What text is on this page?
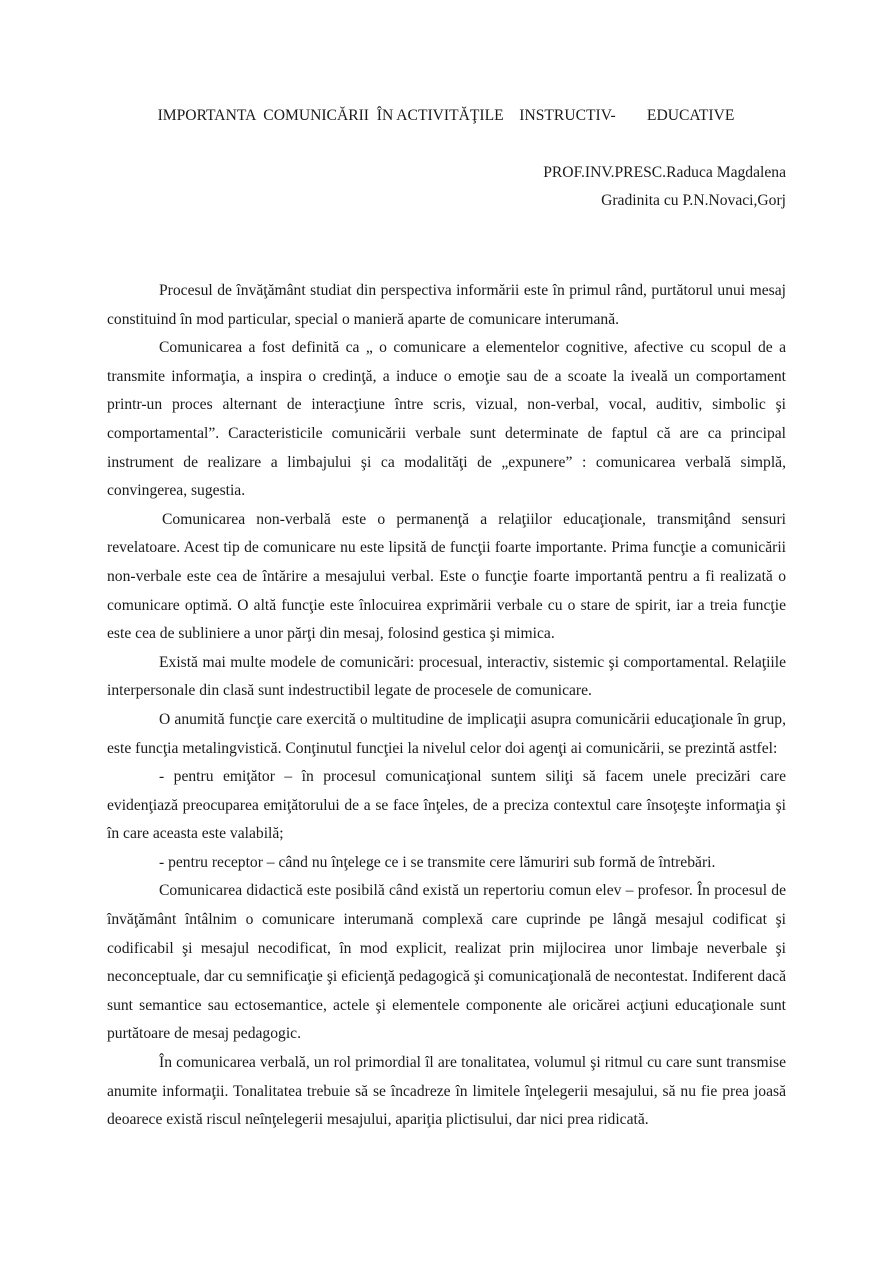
IMPORTANTA  COMUNICĂRII  ÎN ACTIVITĂŢILE    INSTRUCTIV-        EDUCATIVE
PROF.INV.PRESC.Raduca Magdalena
Gradinita cu P.N.Novaci,Gorj

Procesul de învăţământ studiat din perspectiva informării este în primul rând, purtătorul unui mesaj constituind în mod particular, special o manieră aparte de comunicare interumană.

Comunicarea a fost definită ca „ o comunicare a elementelor cognitive, afective cu scopul de a transmite informaţia, a inspira o credinţă, a induce o emoţie sau de a scoate la iveală un comportament printr-un proces alternant de interacţiune între scris, vizual, non-verbal, vocal, auditiv, simbolic şi comportamental”. Caracteristicile comunicării verbale sunt determinate de faptul că are ca principal instrument de realizare a limbajului şi ca modalităţi de „expunere” : comunicarea verbală simplă, convingerea, sugestia.

Comunicarea non-verbală este o permanenţă a relaţiilor educaţionale, transmiţând sensuri revelatoare. Acest tip de comunicare nu este lipsită de funcţii foarte importante. Prima funcţie a comunicării non-verbale este cea de întărire a mesajului verbal. Este o funcţie foarte importantă pentru a fi realizată o comunicare optimă. O altă funcţie este înlocuirea exprimării verbale cu o stare de spirit, iar a treia funcţie este cea de subliniere a unor părţi din mesaj, folosind gestica şi mimica.

Există mai multe modele de comunicări: procesual, interactiv, sistemic şi comportamental. Relaţiile interpersonale din clasă sunt indestructibil legate de procesele de comunicare.

O anumită funcţie care exercită o multitudine de implicaţii asupra comunicării educaţionale în grup, este funcţia metalingvistică. Conţinutul funcţiei la nivelul celor doi agenţi ai comunicării, se prezintă astfel:

- pentru emiţător – în procesul comunicaţional suntem siliţi să facem unele precizări care evidenţiază preocuparea emiţătorului de a se face înţeles, de a preciza contextul care însoţeşte informaţia şi în care aceasta este valabilă;

- pentru receptor – când nu înţelege ce i se transmite cere lămuriri sub formă de întrebări.

Comunicarea didactică este posibilă când există un repertoriu comun elev – profesor. În procesul de învăţământ întâlnim o comunicare interumană complexă care cuprinde pe lângă mesajul codificat şi codificabil şi mesajul necodificat, în mod explicit, realizat prin mijlocirea unor limbaje neverbale şi neconceptuale, dar cu semnificaţie şi eficienţă pedagogică şi comunicaţională de necontestat. Indiferent dacă sunt semantice sau ectosemantice, actele şi elementele componente ale oricărei acţiuni educaţionale sunt purtătoare de mesaj pedagogic.

În comunicarea verbală, un rol primordial îl are tonalitatea, volumul şi ritmul cu care sunt transmise anumite informaţii. Tonalitatea trebuie să se încadreze în limitele înţelegerii mesajului, să nu fie prea joasă deoarece există riscul neînţelegerii mesajului, apariţia plictisului, dar nici prea ridicată.
